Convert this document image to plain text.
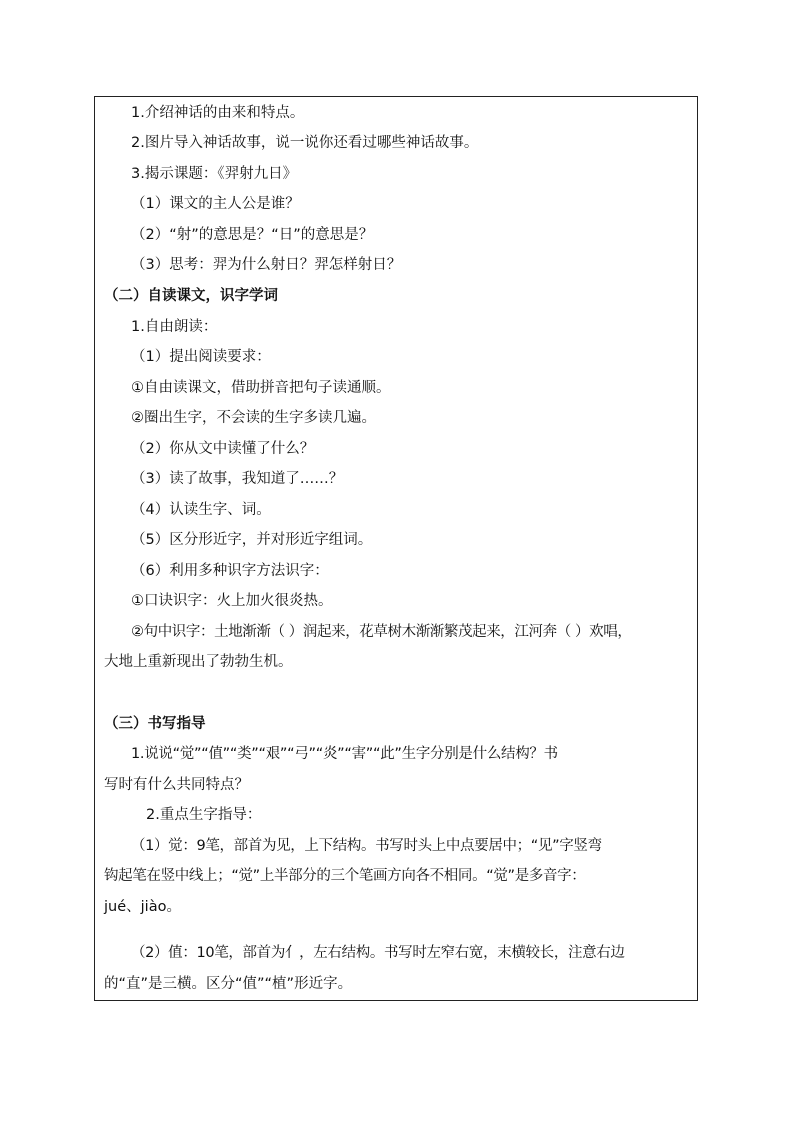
1.介绍神话的由来和特点。
2.图片导入神话故事，说一说你还看过哪些神话故事。
3.揭示课题：《羿射九日》
（1）课文的主人公是谁？
（2）“射”的意思是？“日”的意思是？
（3）思考：羿为什么射日？羿怎样射日？
（二）自读课文，识字学词
1.自由朗读：
（1）提出阅读要求：
①自由读课文，借助拼音把句子读通顺。
②圈出生字，不会读的生字多读几遍。
（2）你从文中读懂了什么？
（3）读了故事，我知道了……？
（4）认读生字、词。
（5）区分形近字，并对形近字组词。
（6）利用多种识字方法识字：
①口诀识字：火上加火很炎热。
②句中识字：土地渐渐（ ）润起来，花草树木渐渐繁茂起来，江河奔（ ）欢唱，
大地上重新现出了勃勃生机。
（三）书写指导
1.说说“觉”“值”“类”“艰”“弓”“炎”“害”“此”生字分别是什么结构？书
写时有什么共同特点？
2.重点生字指导：
（1）觉：9笔，部首为见，上下结构。书写时头上中点要居中；“见”字竖弯
钩起笔在竖中线上；“觉”上半部分的三个笔画方向各不相同。“觉”是多音字：
jué、jiào。
（2）值：10笔，部首为亻，左右结构。书写时左窄右宽，末横较长，注意右边
的“直”是三横。区分“值”“植”形近字。
